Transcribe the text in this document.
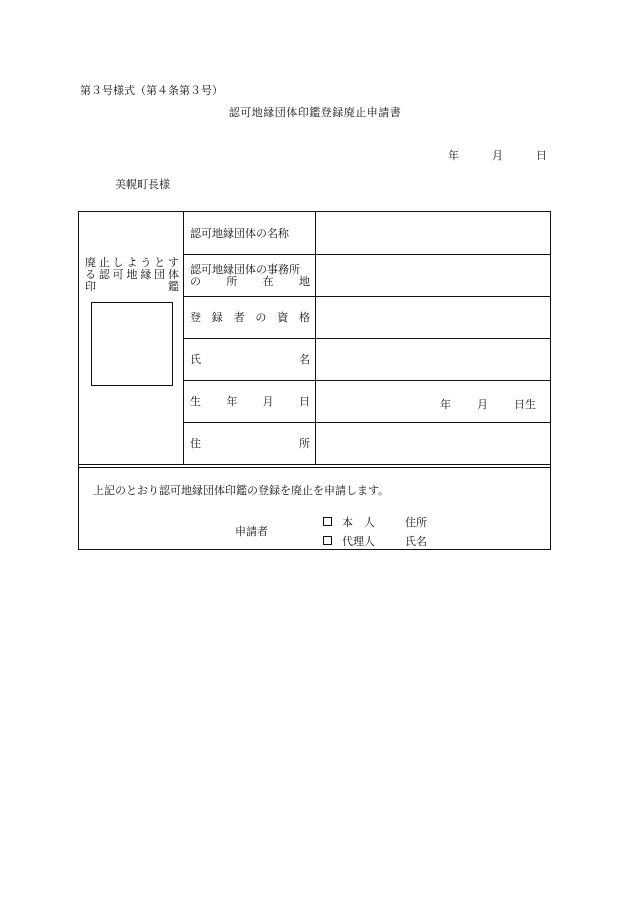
第３号様式（第４条第３号）
認可地縁団体印鑑登録廃止申請書
年	月	日
美幌町長様
廃 止 し よ う と す
る 認 可 地 縁 団 体
印	鑑
認可地縁団体の名称
認可地縁団体の事務所
の 所 在 地
登 録 者 の 資 格
氏	名
生 年 月 日	年 月 日生
住	所
上記のとおり認可地縁団体印鑑の登録を廃止を申請します。
申請者
本　人	住所
代理人	氏名
